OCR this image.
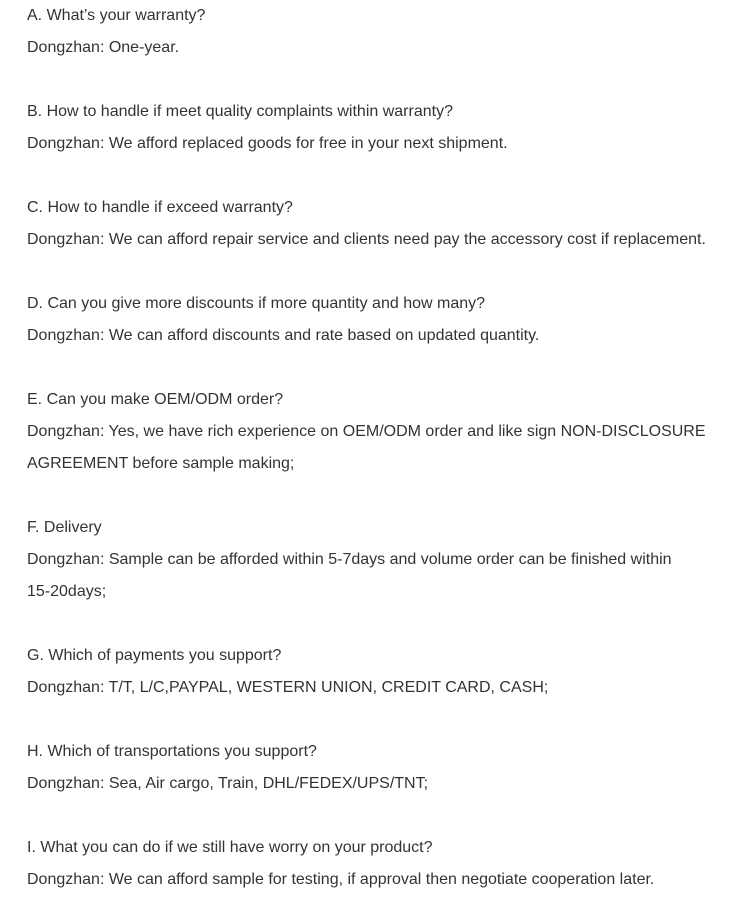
A. What’s your warranty?
Dongzhan: One-year.
B. How to handle if meet quality complaints within warranty?
Dongzhan: We afford replaced goods for free in your next shipment.
C. How to handle if exceed warranty?
Dongzhan: We can afford repair service and clients need pay the accessory cost if replacement.
D. Can you give more discounts if more quantity and how many?
Dongzhan: We can afford discounts and rate based on updated quantity.
E. Can you make OEM/ODM order?
Dongzhan: Yes, we have rich experience on OEM/ODM order and like sign NON-DISCLOSURE
AGREEMENT before sample making;
F. Delivery
Dongzhan: Sample can be afforded within 5-7days and volume order can be finished within
15-20days;
G. Which of payments you support?
Dongzhan: T/T, L/C,PAYPAL, WESTERN UNION, CREDIT CARD, CASH;
H. Which of transportations you support?
Dongzhan: Sea, Air cargo, Train, DHL/FEDEX/UPS/TNT;
I. What you can do if we still have worry on your product?
Dongzhan: We can afford sample for testing, if approval then negotiate cooperation later.
